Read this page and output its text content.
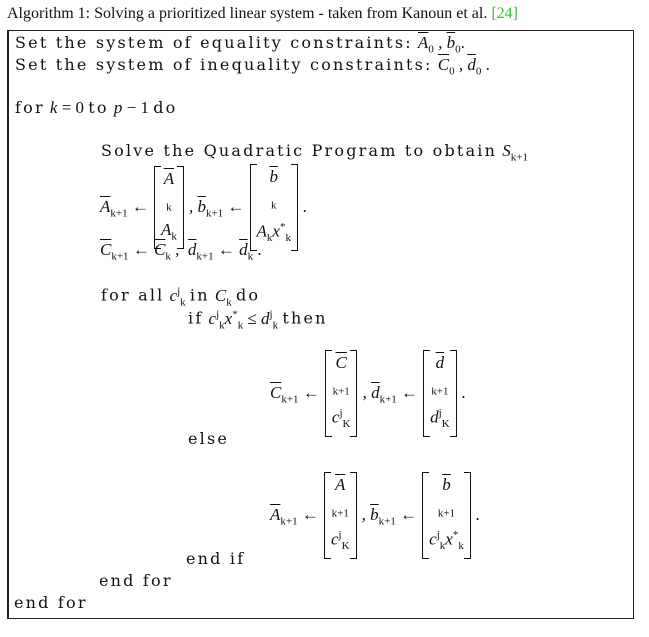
Algorithm 1: Solving a prioritized linear system - taken from Kanoun et al. [24]
Set the system of equality constraints: $\overline{A}_0$ , $\overline{b}_0$.
Set the system of inequality constraints: $\overline{C}_0$ , $\overline{d}_0$ .
for k = 0 to p − 1 do
Solve the Quadratic Program to obtain $S_{k+1}$
$\overline{A}_{k+1}$ ←
$\overline{A}$
$_k$
$A_k$
, $\overline{b}_{k+1}$ ←
$\overline{b}$
$_k$
$A_kx^*_k$
.
$\overline{C}_{k+1}$ ← $\overline{C}_k$ ,  $\overline{d}_{k+1}$ ← $\overline{d}_k$ .
for all $c^j_k$ in $C_k$ do
if $c^j_kx^*_k \le d^j_k$ then
$\overline{C}_{k+1}$ ←
$\overline{C}$
$_{k+1}$
$c^j_K$
, $\overline{d}_{k+1}$ ←
$\overline{d}$
$_{k+1}$
$d^j_K$
.
else
$\overline{A}_{k+1}$ ←
$\overline{A}$
$_{k+1}$
$c^j_K$
, $\overline{b}_{k+1}$ ←
$\overline{b}$
$_{k+1}$
$c^j_kx^*_k$
.
end if
end for
end for
